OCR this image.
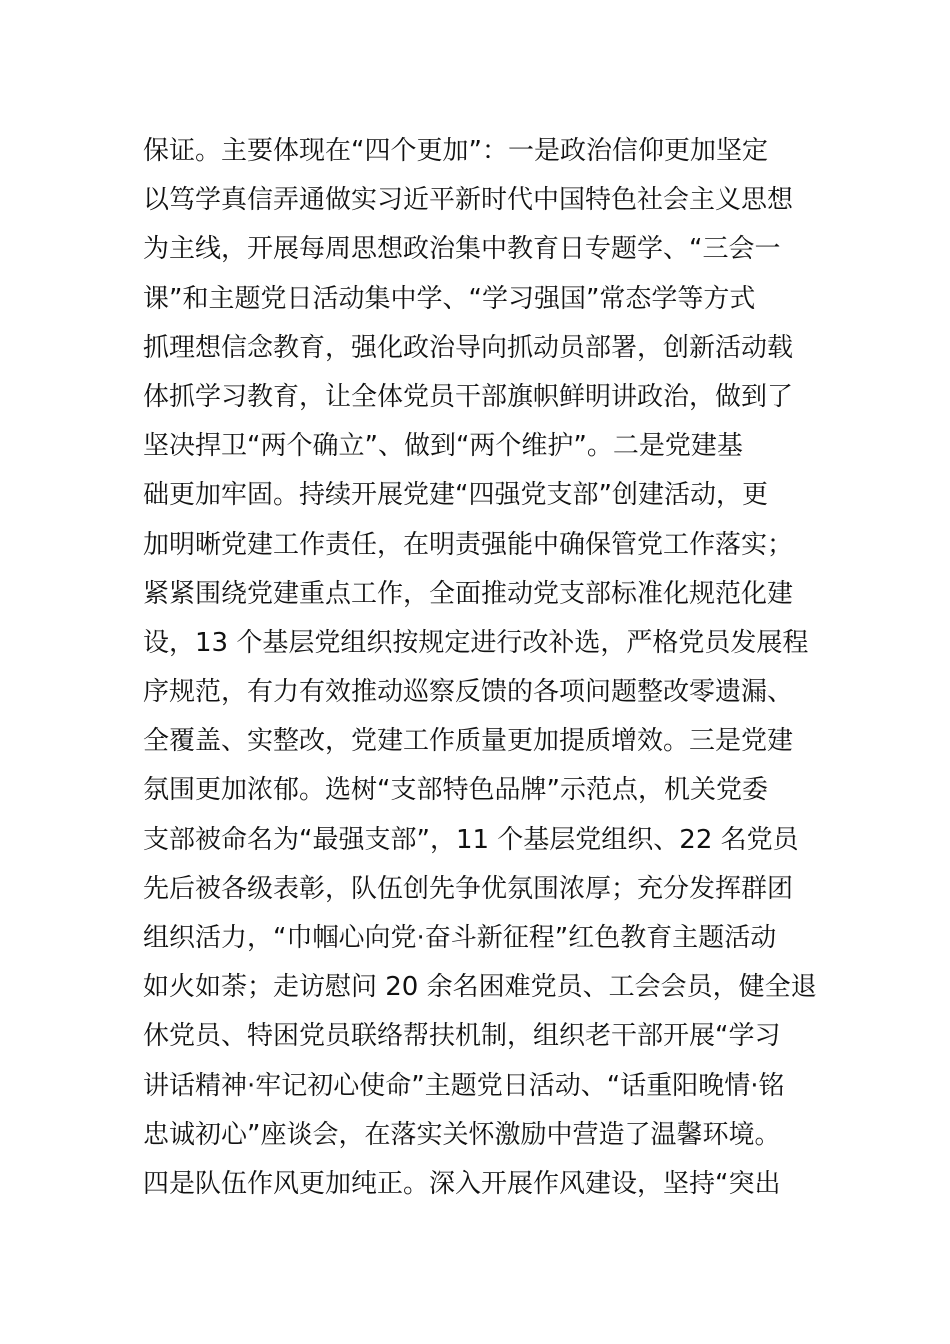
保证。主要体现在“四个更加”：一是政治信仰更加坚定
以笃学真信弄通做实习近平新时代中国特色社会主义思想
为主线，开展每周思想政治集中教育日专题学、“三会一
课”和主题党日活动集中学、“学习强国”常态学等方式
抓理想信念教育，强化政治导向抓动员部署，创新活动载
体抓学习教育，让全体党员干部旗帜鲜明讲政治，做到了
坚决捍卫“两个确立”、做到“两个维护”。二是党建基
础更加牢固。持续开展党建“四强党支部”创建活动，更
加明晰党建工作责任，在明责强能中确保管党工作落实；
紧紧围绕党建重点工作，全面推动党支部标准化规范化建
设，13 个基层党组织按规定进行改补选，严格党员发展程
序规范，有力有效推动巡察反馈的各项问题整改零遗漏、
全覆盖、实整改，党建工作质量更加提质增效。三是党建
氛围更加浓郁。选树“支部特色品牌”示范点，机关党委
支部被命名为“最强支部”，11 个基层党组织、22 名党员
先后被各级表彰，队伍创先争优氛围浓厚；充分发挥群团
组织活力，“巾帼心向党·奋斗新征程”红色教育主题活动
如火如荼；走访慰问 20 余名困难党员、工会会员，健全退
休党员、特困党员联络帮扶机制，组织老干部开展“学习
讲话精神·牢记初心使命”主题党日活动、“话重阳晚情·铭
忠诚初心”座谈会，在落实关怀激励中营造了温馨环境。
四是队伍作风更加纯正。深入开展作风建设，坚持“突出
